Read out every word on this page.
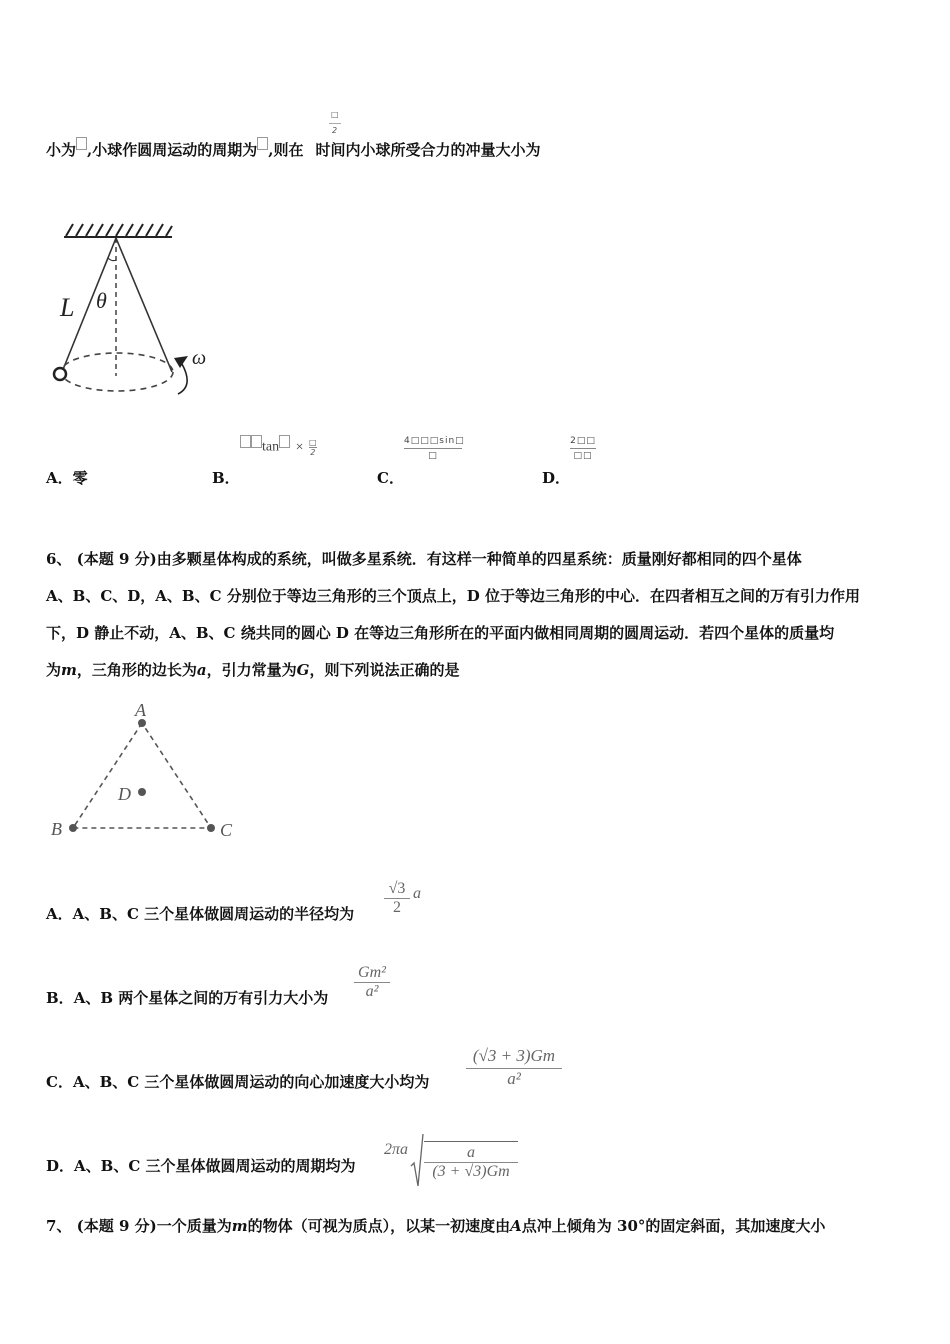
□
2
小为 ,小球作圆周运动的周期为 ,则在 时间内小球所受合力的冲量大小为
L θ
ω
A．零	B．
$\tan \times \frac{□}{2}$
C．
4□□□sin□
□
D．
2□□
□□
6、 (本题 9 分)由多颗星体构成的系统，叫做多星系统．有这样一种简单的四星系统：质量刚好都相同的四个星体
A、B、C、D，A、B、C 分别位于等边三角形的三个顶点上，D 位于等边三角形的中心．在四者相互之间的万有引力作用
下，D 静止不动，A、B、C 绕共同的圆心 D 在等边三角形所在的平面内做相同周期的圆周运动．若四个星体的质量均
为m，三角形的边长为a，引力常量为G，则下列说法正确的是
A
B	C
D
A．A、B、C 三个星体做圆周运动的半径均为 $\frac{√3}{2}$ a
B．A、B 两个星体之间的万有引力大小为 $\frac{\text{Gm²}}{\text{a²}}$
C．A、B、C 三个星体做圆周运动的向心加速度大小均为 $\frac{(√3 + 3)Gm}{\text{a²}}$
D．A、B、C 三个星体做圆周运动的周期均为
$2\pi a \frac{a}{(3 + √3)Gm}$
7、 (本题 9 分)一个质量为m的物体（可视为质点），以某一初速度由A点冲上倾角为 30°的固定斜面，其加速度大小
